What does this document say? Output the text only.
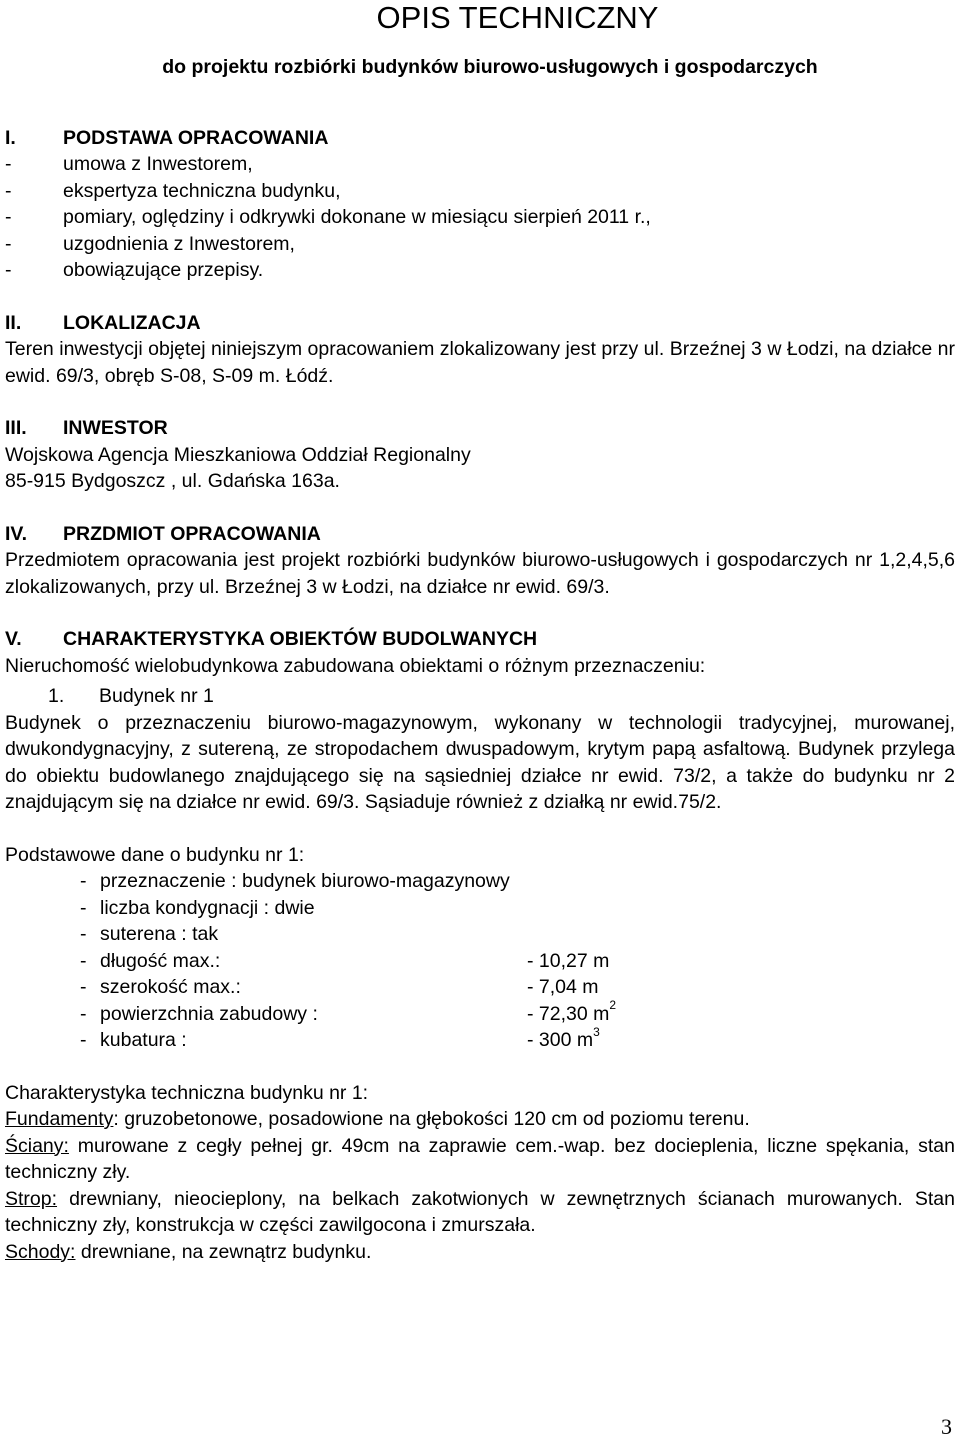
OPIS TECHNICZNY
do projektu rozbiórki budynków biurowo-usługowych i gospodarczych
I.	PODSTAWA OPRACOWANIA
-	umowa z Inwestorem,
-	ekspertyza techniczna budynku,
-	pomiary, oględziny i odkrywki dokonane w miesiącu sierpień 2011 r.,
-	uzgodnienia z Inwestorem,
-	obowiązujące przepisy.
II.	LOKALIZACJA
Teren inwestycji objętej niniejszym opracowaniem zlokalizowany jest przy ul. Brzeźnej 3 w Łodzi, na działce nr ewid. 69/3, obręb S-08, S-09 m. Łódź.
III.	INWESTOR
Wojskowa Agencja Mieszkaniowa Oddział Regionalny
85-915 Bydgoszcz , ul. Gdańska 163a.
IV.	PRZDMIOT OPRACOWANIA
Przedmiotem opracowania jest projekt rozbiórki budynków biurowo-usługowych i gospodarczych nr 1,2,4,5,6 zlokalizowanych, przy ul. Brzeźnej 3 w Łodzi, na działce nr ewid. 69/3.
V.	CHARAKTERYSTYKA OBIEKTÓW BUDOLWANYCH
Nieruchomość wielobudynkowa zabudowana obiektami o różnym przeznaczeniu:
1.	Budynek nr 1
Budynek o przeznaczeniu biurowo-magazynowym, wykonany w technologii tradycyjnej, murowanej, dwukondygnacyjny, z sutereną, ze stropodachem dwuspadowym, krytym papą asfaltową. Budynek przylega do obiektu budowlanego znajdującego się na sąsiedniej działce nr ewid. 73/2, a także do budynku nr 2 znajdującym się na działce nr ewid. 69/3. Sąsiaduje również z działką nr ewid.75/2.
Podstawowe dane o budynku nr 1:
- przeznaczenie : budynek biurowo-magazynowy
- liczba kondygnacji : dwie
- suterena : tak
- długość max.:	- 10,27 m
- szerokość max.:	- 7,04 m
- powierzchnia zabudowy :	- 72,30 $m^2$
- kubatura :	- 300 $m^3$
Charakterystyka techniczna budynku nr 1:
Fundamenty: gruzobetonowe, posadowione na głębokości 120 cm od poziomu terenu.
Ściany: murowane z cegły pełnej gr. 49cm na zaprawie cem.-wap. bez docieplenia, liczne spękania, stan techniczny zły.
Strop: drewniany, nieocieplony, na belkach zakotwionych w zewnętrznych ścianach murowanych. Stan techniczny zły, konstrukcja w części zawilgocona i zmurszała.
Schody: drewniane, na zewnątrz budynku.
3
